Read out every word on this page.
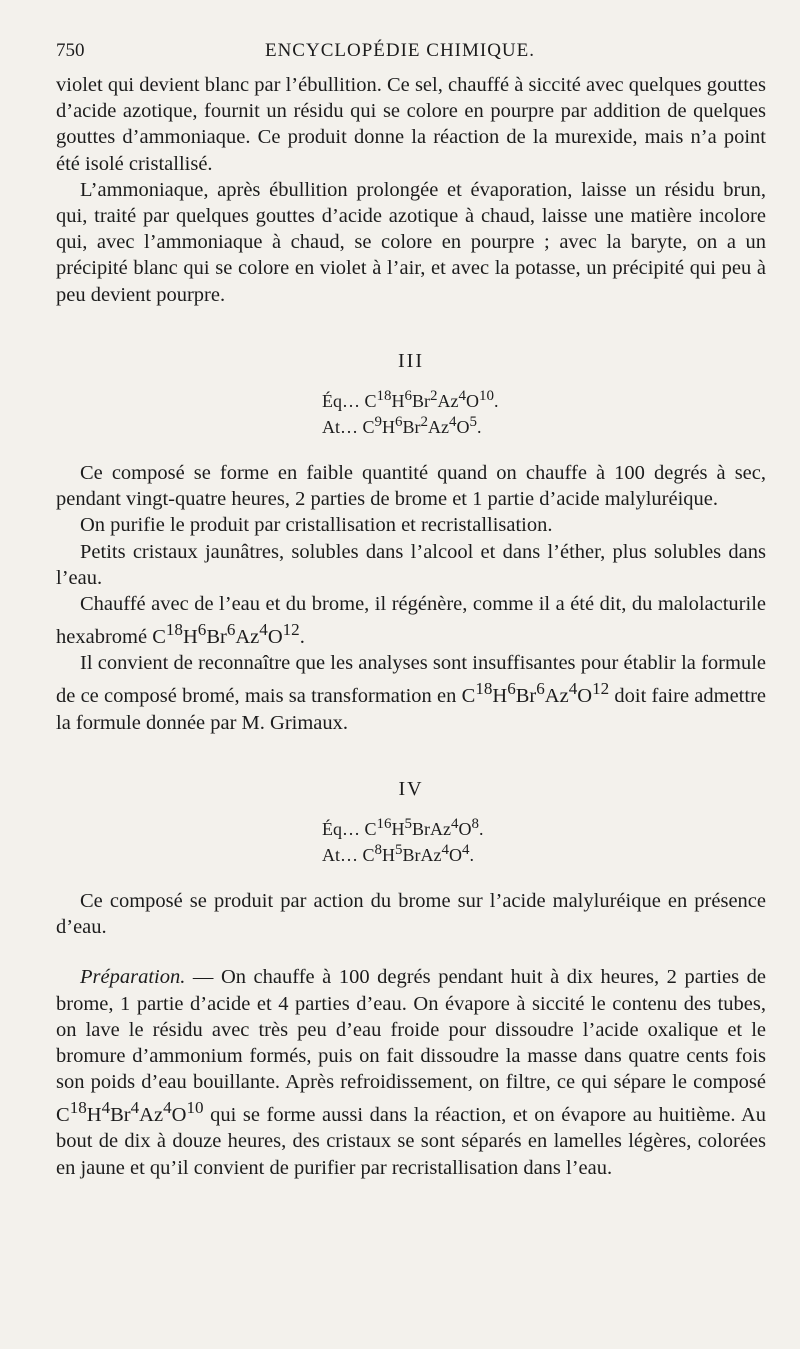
750	ENCYCLOPÉDIE CHIMIQUE.

violet qui devient blanc par l’ébullition. Ce sel, chauffé à siccité avec quelques gouttes d’acide azotique, fournit un résidu qui se colore en pourpre par addition de quelques gouttes d’ammoniaque. Ce produit donne la réaction de la murexide, mais n’a point été isolé cristallisé.

L’ammoniaque, après ébullition prolongée et évaporation, laisse un résidu brun, qui, traité par quelques gouttes d’acide azotique à chaud, laisse une matière incolore qui, avec l’ammoniaque à chaud, se colore en pourpre ; avec la baryte, on a un précipité blanc qui se colore en violet à l’air, et avec la potasse, un précipité qui peu à peu devient pourpre.

III
Éq… $C^{18}H^6Br^2Az^4O^{10}$.
At… $C^9H^6Br^2Az^4O^5$.

Ce composé se forme en faible quantité quand on chauffe à 100 degrés à sec, pendant vingt-quatre heures, 2 parties de brome et 1 partie d’acide malyluréique.

On purifie le produit par cristallisation et recristallisation.

Petits cristaux jaunâtres, solubles dans l’alcool et dans l’éther, plus solubles dans l’eau.

Chauffé avec de l’eau et du brome, il régénère, comme il a été dit, du malolacturile hexabromé $C^{18}H^6Br^6Az^4O^{12}$.

Il convient de reconnaître que les analyses sont insuffisantes pour établir la formule de ce composé bromé, mais sa transformation en $C^{18}H^6Br^6Az^4O^{12}$ doit faire admettre la formule donnée par M. Grimaux.

IV
Éq… $C^{16}H^5BrAz^4O^8$.
At… $C^8H^5BrAz^4O^4$.

Ce composé se produit par action du brome sur l’acide malyluréique en présence d’eau.

Préparation. — On chauffe à 100 degrés pendant huit à dix heures, 2 parties de brome, 1 partie d’acide et 4 parties d’eau. On évapore à siccité le contenu des tubes, on lave le résidu avec très peu d’eau froide pour dissoudre l’acide oxalique et le bromure d’ammonium formés, puis on fait dissoudre la masse dans quatre cents fois son poids d’eau bouillante. Après refroidissement, on filtre, ce qui sépare le composé $C^{18}H^4Br^4Az^4O^{10}$ qui se forme aussi dans la réaction, et on évapore au huitième. Au bout de dix à douze heures, des cristaux se sont séparés en lamelles légères, colorées en jaune et qu’il convient de purifier par recristallisation dans l’eau.
